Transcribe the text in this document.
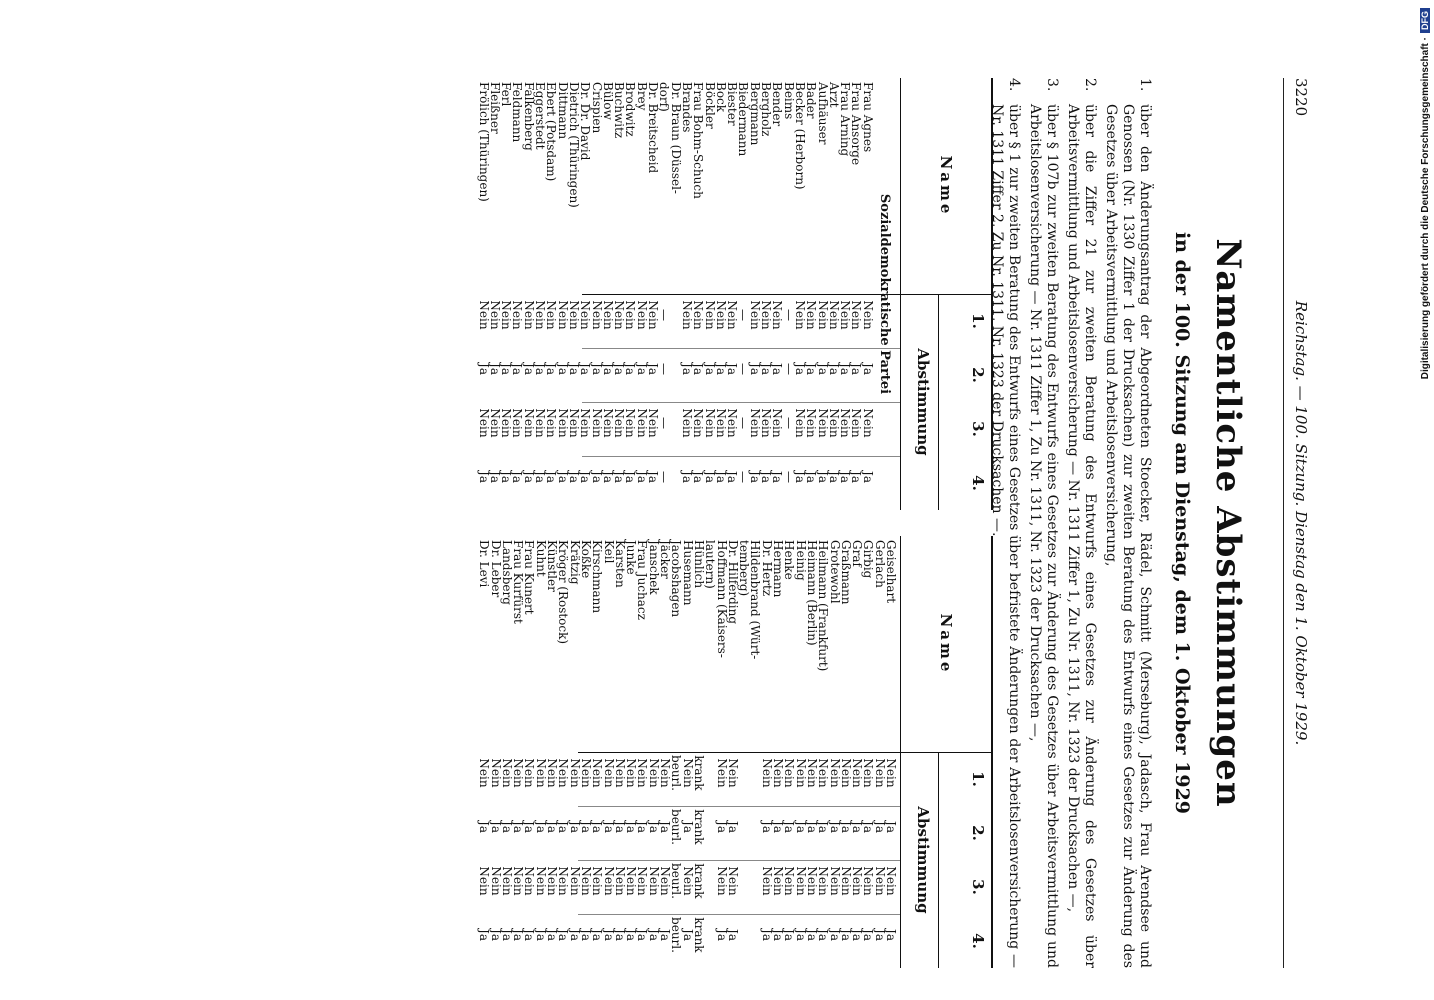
Digitalisierung gefördert durch die Deutsche Forschungsgemeinschaft ·
DFG
3220
Reichstag. — 100. Sitzung. Dienstag den 1. Oktober 1929.
Namentliche Abstimmungen
in der 100. Sitzung am Dienstag, dem 1. Oktober 1929
1.
über den Änderungsantrag der Abgeordneten Stoecker, Rädel, Schmitt (Merseburg), Jadasch, Frau Arendsee und Genossen (Nr. 1330 Ziffer 1 der Drucksachen) zur zweiten Beratung des Entwurfs eines Gesetzes zur Änderung des Gesetzes über Arbeitsvermittlung und Arbeitslosenversicherung,
2.
über die Ziffer 21 zur zweiten Beratung des Entwurfs eines Gesetzes zur Änderung des Gesetzes über Arbeitsvermittlung und Arbeitslosenversicherung — Nr. 1311 Ziffer 1, Zu Nr. 1311, Nr. 1323 der Drucksachen —,
3.
über § 107b zur zweiten Beratung des Entwurfs eines Gesetzes zur Änderung des Gesetzes über Arbeitsvermittlung und Arbeitslosenversicherung — Nr. 1311 Ziffer 1, Zu Nr. 1311, Nr. 1323 der Drucksachen —,
4.
über § 1 zur zweiten Beratung des Entwurfs eines Gesetzes über befristete Änderungen der Arbeitslosenversicherung — Nr. 1311 Ziffer 2, Zu Nr. 1311, Nr. 1323 der Drucksachen —.
Name
1.
2.
3.
4.
Abstimmung
Sozialdemokratische Partei
Frau Agnes
Nein
Ja
Nein
Ja
Frau Ansorge
Nein
Ja
Nein
Ja
Frau Arning
Nein
Ja
Nein
Ja
Arzt
Nein
Ja
Nein
Ja
Aufhäuser
Nein
Ja
Nein
Ja
Bader
Nein
Ja
Nein
Ja
Becker (Herborn)
Nein
Ja
Nein
Ja
Beims
—
—
—
—
Bender
Nein
Ja
Nein
Ja
Bergholz
Nein
Ja
Nein
Ja
Bergmann
Nein
Ja
Nein
Ja
Biedermann
—
—
—
—
Biester
Nein
Ja
Nein
Ja
Bock
Nein
Ja
Nein
Ja
Böckler
Nein
Ja
Nein
Ja
Frau Bohm-Schuch
Nein
Ja
Nein
Ja
Brandes
Nein
Ja
Nein
Ja
Dr. Braun (Düssel-
dorf)
—
—
—
—
Dr. Breitscheid
Nein
Ja
Nein
Ja
Brey
Nein
Ja
Nein
Ja
Brodwitz
Nein
Ja
Nein
Ja
Buchwitz
Nein
Ja
Nein
Ja
Bülow
Nein
Ja
Nein
Ja
Crispien
Nein
Ja
Nein
Ja
Dr. Dr. David
Nein
Ja
Nein
Ja
Dietrich (Thüringen)
Nein
Ja
Nein
Ja
Dittmann
Nein
Ja
Nein
Ja
Ebert (Potsdam)
Nein
Ja
Nein
Ja
Eggerstedt
Nein
Ja
Nein
Ja
Falkenberg
Nein
Ja
Nein
Ja
Feldmann
Nein
Ja
Nein
Ja
Ferl
Nein
Ja
Nein
Ja
Fleißner
Nein
Ja
Nein
Ja
Frölich (Thüringen)
Nein
Ja
Nein
Ja
Name
1.
2.
3.
4.
Abstimmung
Geiselhart
Nein
Ja
Nein
Ja
Gerlach
Nein
Ja
Nein
Ja
Girbig
Nein
Ja
Nein
Ja
Graf
Nein
Ja
Nein
Ja
Graßmann
Nein
Ja
Nein
Ja
Grotewohl
Nein
Ja
Nein
Ja
Heilmann (Frankfurt)
Nein
Ja
Nein
Ja
Heimann (Berlin)
Nein
Ja
Nein
Ja
Heinig
Nein
Ja
Nein
Ja
Henke
Nein
Ja
Nein
Ja
Hermann
Nein
Ja
Nein
Ja
Dr. Hertz
Nein
Ja
Nein
Ja
Hildenbrand (Würt-
temberg)
Dr. Hilferding
Nein
Ja
Nein
Ja
Hoffmann (Kaisers-
Nein
Ja
Nein
Ja
lautern)
Hünlich
krank
krank
krank
krank
Husemann
Nein
Ja
Nein
Ja
Jacobshagen
beurl.
beurl.
beurl.
beurl.
Jäcker
Nein
Ja
Nein
Ja
Janschek
Nein
Ja
Nein
Ja
Frau Juchacz
Nein
Ja
Nein
Ja
Junke
Nein
Ja
Nein
Ja
Karsten
Nein
Ja
Nein
Ja
Keil
Nein
Ja
Nein
Ja
Kirschmann
Nein
Ja
Nein
Ja
Koßke
Nein
Ja
Nein
Ja
Krätzig
Nein
Ja
Nein
Ja
Kröger (Rostock)
Nein
Ja
Nein
Ja
Künstler
Nein
Ja
Nein
Ja
Kuhnt
Nein
Ja
Nein
Ja
Frau Kunert
Nein
Ja
Nein
Ja
Frau Kurfürst
Nein
Ja
Nein
Ja
Landsberg
Nein
Ja
Nein
Ja
Dr. Leber
Nein
Ja
Nein
Ja
Dr. Levi
Nein
Ja
Nein
Ja
